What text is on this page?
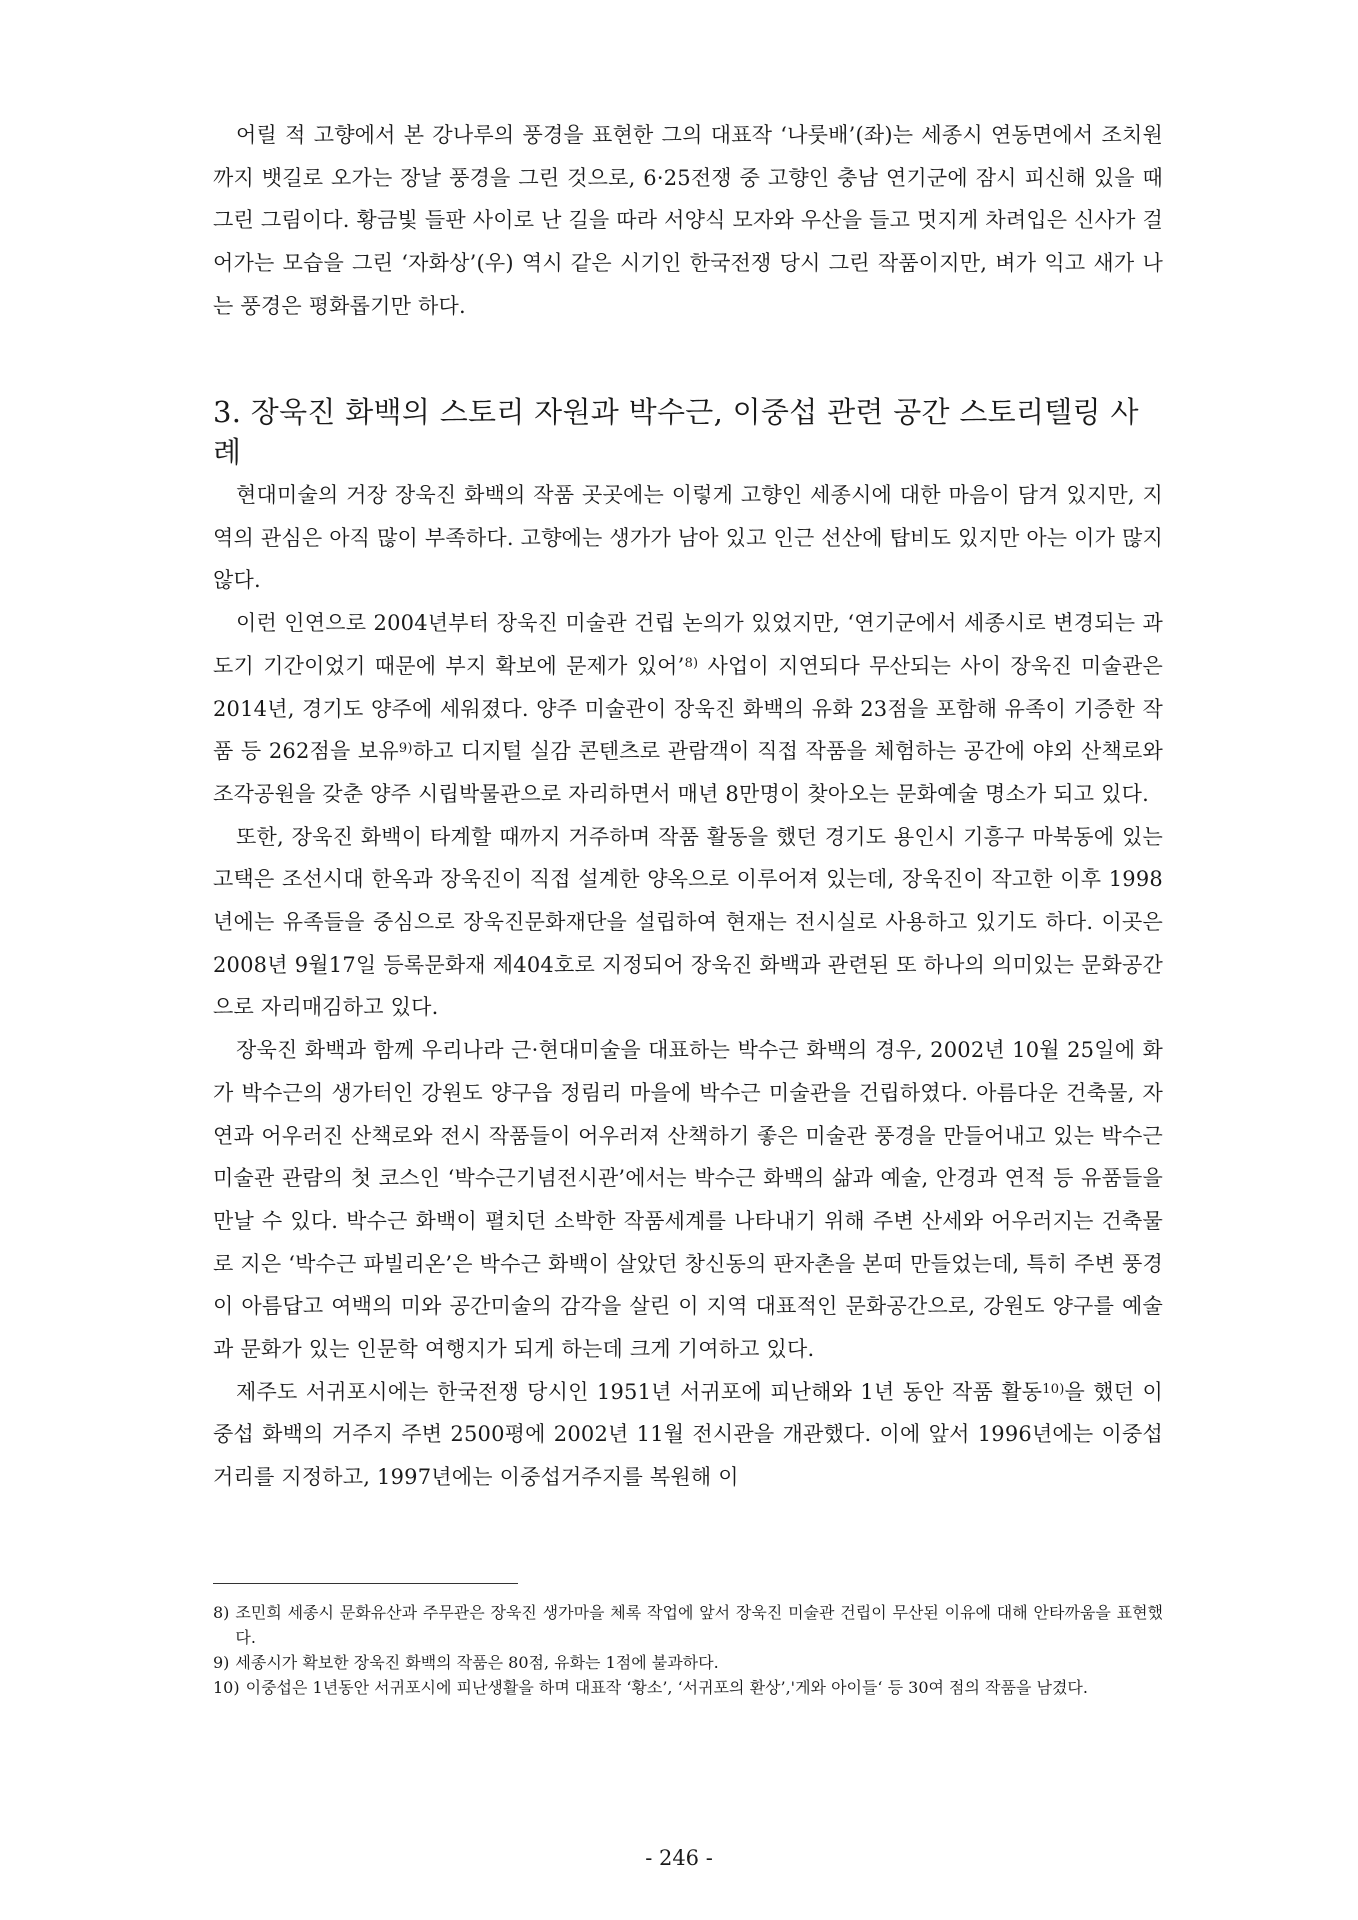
어릴 적 고향에서 본 강나루의 풍경을 표현한 그의 대표작 ‘나룻배’(좌)는 세종시 연동면에서 조치원까지 뱃길로 오가는 장날 풍경을 그린 것으로, 6·25전쟁 중 고향인 충남 연기군에 잠시 피신해 있을 때 그린 그림이다. 황금빛 들판 사이로 난 길을 따라 서양식 모자와 우산을 들고 멋지게 차려입은 신사가 걸어가는 모습을 그린 ‘자화상’(우) 역시 같은 시기인 한국전쟁 당시 그린 작품이지만, 벼가 익고 새가 나는 풍경은 평화롭기만 하다.

3. 장욱진 화백의 스토리 자원과 박수근, 이중섭 관련 공간 스토리텔링 사례

현대미술의 거장 장욱진 화백의 작품 곳곳에는 이렇게 고향인 세종시에 대한 마음이 담겨 있지만, 지역의 관심은 아직 많이 부족하다. 고향에는 생가가 남아 있고 인근 선산에 탑비도 있지만 아는 이가 많지 않다.

이런 인연으로 2004년부터 장욱진 미술관 건립 논의가 있었지만, ‘연기군에서 세종시로 변경되는 과도기 기간이었기 때문에 부지 확보에 문제가 있어’$^{8)}$ 사업이 지연되다 무산되는 사이 장욱진 미술관은 2014년, 경기도 양주에 세워졌다. 양주 미술관이 장욱진 화백의 유화 23점을 포함해 유족이 기증한 작품 등 262점을 보유$^{9)}$하고 디지털 실감 콘텐츠로 관람객이 직접 작품을 체험하는 공간에 야외 산책로와 조각공원을 갖춘 양주 시립박물관으로 자리하면서 매년 8만명이 찾아오는 문화예술 명소가 되고 있다.

또한, 장욱진 화백이 타계할 때까지 거주하며 작품 활동을 했던 경기도 용인시 기흥구 마북동에 있는 고택은 조선시대 한옥과 장욱진이 직접 설계한 양옥으로 이루어져 있는데, 장욱진이 작고한 이후 1998년에는 유족들을 중심으로 장욱진문화재단을 설립하여 현재는 전시실로 사용하고 있기도 하다. 이곳은 2008년 9월17일 등록문화재 제404호로 지정되어 장욱진 화백과 관련된 또 하나의 의미있는 문화공간으로 자리매김하고 있다.

장욱진 화백과 함께 우리나라 근·현대미술을 대표하는 박수근 화백의 경우, 2002년 10월 25일에 화가 박수근의 생가터인 강원도 양구읍 정림리 마을에 박수근 미술관을 건립하였다. 아름다운 건축물, 자연과 어우러진 산책로와 전시 작품들이 어우러져 산책하기 좋은 미술관 풍경을 만들어내고 있는 박수근 미술관 관람의 첫 코스인 ‘박수근기념전시관’에서는 박수근 화백의 삶과 예술, 안경과 연적 등 유품들을 만날 수 있다. 박수근 화백이 펼치던 소박한 작품세계를 나타내기 위해 주변 산세와 어우러지는 건축물로 지은 ‘박수근 파빌리온’은 박수근 화백이 살았던 창신동의 판자촌을 본떠 만들었는데, 특히 주변 풍경이 아름답고 여백의 미와 공간미술의 감각을 살린 이 지역 대표적인 문화공간으로, 강원도 양구를 예술과 문화가 있는 인문학 여행지가 되게 하는데 크게 기여하고 있다.

제주도 서귀포시에는 한국전쟁 당시인 1951년 서귀포에 피난해와 1년 동안 작품 활동$^{10)}$을 했던 이중섭 화백의 거주지 주변 2500평에 2002년 11월 전시관을 개관했다. 이에 앞서 1996년에는 이중섭거리를 지정하고, 1997년에는 이중섭거주지를 복원해 이

8) 조민희 세종시 문화유산과 주무관은 장욱진 생가마을 체록 작업에 앞서 장욱진 미술관 건립이 무산된 이유에 대해 안타까움을 표현했다.
9) 세종시가 확보한 장욱진 화백의 작품은 80점, 유화는 1점에 불과하다.
10) 이중섭은 1년동안 서귀포시에 피난생활을 하며 대표작 ‘황소’, ‘서귀포의 환상’,'게와 아이들‘ 등 30여 점의 작품을 남겼다.
- 246 -
